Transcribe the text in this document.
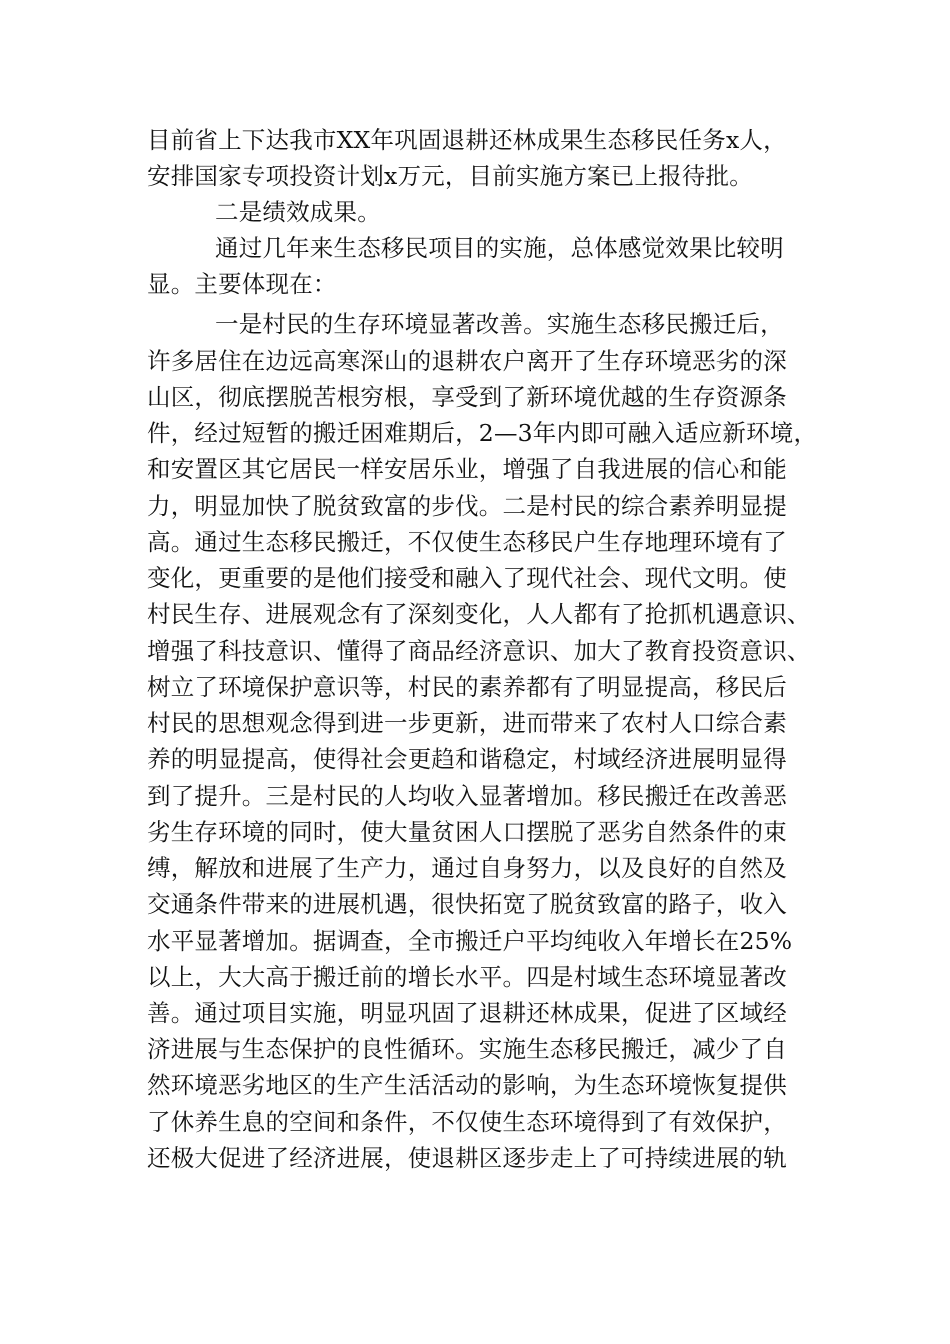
目前省上下达我市XX年巩固退耕还林成果生态移民任务x人，
安排国家专项投资计划x万元，目前实施方案已上报待批。
二是绩效成果。
通过几年来生态移民项目的实施，总体感觉效果比较明
显。主要体现在：
一是村民的生存环境显著改善。实施生态移民搬迁后，
许多居住在边远高寒深山的退耕农户离开了生存环境恶劣的深
山区，彻底摆脱苦根穷根，享受到了新环境优越的生存资源条
件，经过短暂的搬迁困难期后，2—3年内即可融入适应新环境，
和安置区其它居民一样安居乐业，增强了自我进展的信心和能
力，明显加快了脱贫致富的步伐。二是村民的综合素养明显提
高。通过生态移民搬迁，不仅使生态移民户生存地理环境有了
变化，更重要的是他们接受和融入了现代社会、现代文明。使
村民生存、进展观念有了深刻变化，人人都有了抢抓机遇意识、
增强了科技意识、懂得了商品经济意识、加大了教育投资意识、
树立了环境保护意识等，村民的素养都有了明显提高，移民后
村民的思想观念得到进一步更新，进而带来了农村人口综合素
养的明显提高，使得社会更趋和谐稳定，村域经济进展明显得
到了提升。三是村民的人均收入显著增加。移民搬迁在改善恶
劣生存环境的同时，使大量贫困人口摆脱了恶劣自然条件的束
缚，解放和进展了生产力，通过自身努力，以及良好的自然及
交通条件带来的进展机遇，很快拓宽了脱贫致富的路子，收入
水平显著增加。据调查，全市搬迁户平均纯收入年增长在25%
以上，大大高于搬迁前的增长水平。四是村域生态环境显著改
善。通过项目实施，明显巩固了退耕还林成果，促进了区域经
济进展与生态保护的良性循环。实施生态移民搬迁，减少了自
然环境恶劣地区的生产生活活动的影响，为生态环境恢复提供
了休养生息的空间和条件，不仅使生态环境得到了有效保护，
还极大促进了经济进展，使退耕区逐步走上了可持续进展的轨
